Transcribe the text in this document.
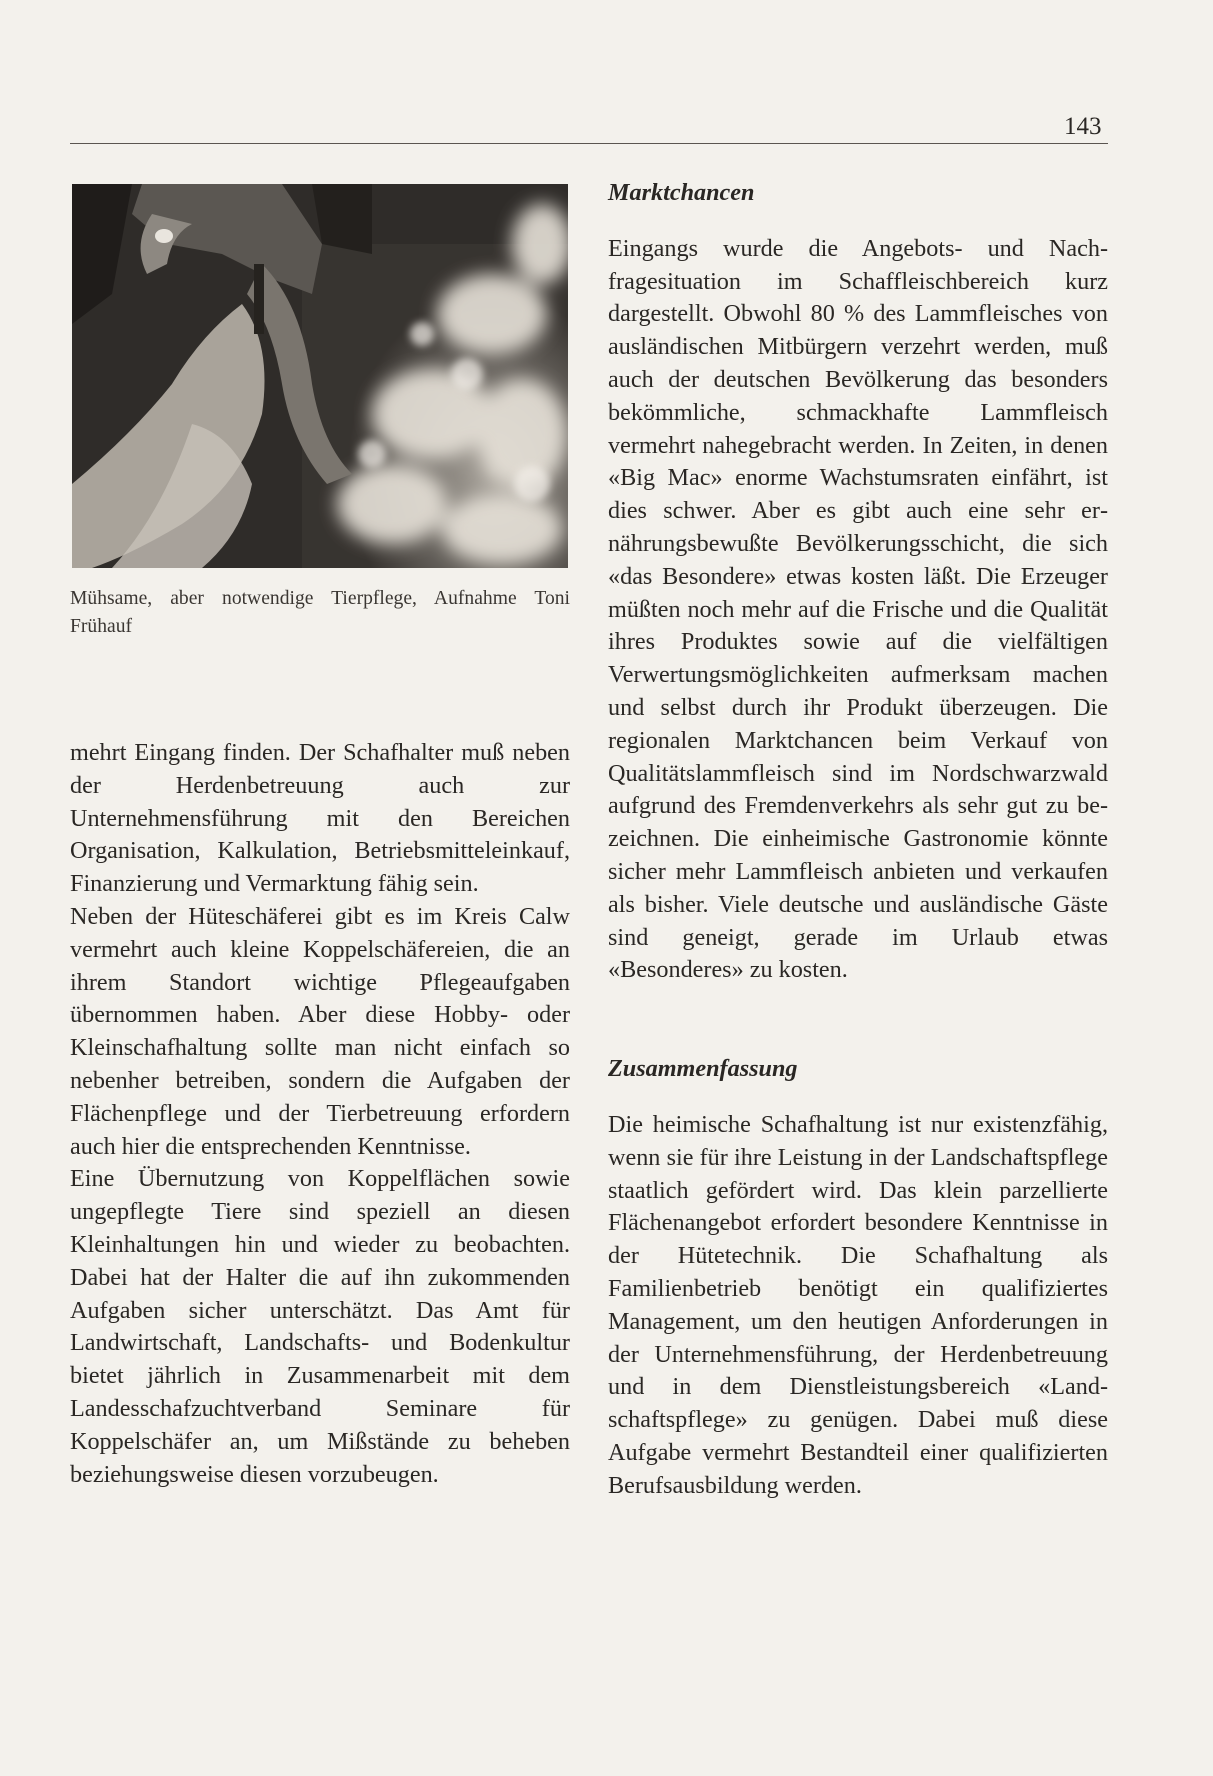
143

Mühsame, aber notwendige Tierpflege, Aufnahme Toni Frühauf

mehrt Eingang finden. Der Schafhalter muß neben der Herdenbetreuung auch zur Unternehmensführung mit den Bereichen Organisation, Kalkulation, Betriebsmitteleinkauf, Finanzierung und Vermarktung fähig sein.

Neben der Hüteschäferei gibt es im Kreis Calw vermehrt auch kleine Koppelschäfereien, die an ihrem Standort wichtige Pflegeaufgaben übernommen haben. Aber diese Hobby- oder Kleinschafhaltung sollte man nicht einfach so nebenher betreiben, sondern die Aufgaben der Flächenpflege und der Tierbetreuung erfordern auch hier die entsprechenden Kenntnisse.

Eine Übernutzung von Koppelflächen sowie ungepflegte Tiere sind speziell an diesen Kleinhaltungen hin und wieder zu beobachten. Dabei hat der Halter die auf ihn zukommenden Aufgaben sicher unterschätzt. Das Amt für Landwirtschaft, Landschafts- und Bodenkultur bietet jährlich in Zusammenarbeit mit dem Landesschafzuchtverband Seminare für Koppelschäfer an, um Mißstände zu beheben beziehungsweise diesen vorzubeugen.

Marktchancen

Eingangs wurde die Angebots- und Nachfragesituation im Schaffleischbereich kurz dargestellt. Obwohl 80 % des Lammfleisches von ausländischen Mitbürgern verzehrt werden, muß auch der deutschen Bevölkerung das besonders bekömmliche, schmackhafte Lammfleisch vermehrt nahegebracht werden. In Zeiten, in denen «Big Mac» enorme Wachstumsraten einfährt, ist dies schwer. Aber es gibt auch eine sehr ernährungsbewußte Bevölkerungsschicht, die sich «das Besondere» etwas kosten läßt. Die Erzeuger müßten noch mehr auf die Frische und die Qualität ihres Produktes sowie auf die vielfältigen Verwertungsmöglichkeiten aufmerksam machen und selbst durch ihr Produkt überzeugen. Die regionalen Marktchancen beim Verkauf von Qualitätslammfleisch sind im Nordschwarzwald aufgrund des Fremdenverkehrs als sehr gut zu bezeichnen. Die einheimische Gastronomie könnte sicher mehr Lammfleisch anbieten und verkaufen als bisher. Viele deutsche und ausländische Gäste sind geneigt, gerade im Urlaub etwas «Besonderes» zu kosten.

Zusammenfassung

Die heimische Schafhaltung ist nur existenzfähig, wenn sie für ihre Leistung in der Landschaftspflege staatlich gefördert wird. Das klein parzellierte Flächenangebot erfordert besondere Kenntnisse in der Hütetechnik. Die Schafhaltung als Familienbetrieb benötigt ein qualifiziertes Management, um den heutigen Anforderungen in der Unternehmensführung, der Herdenbetreuung und in dem Dienstleistungsbereich «Landschaftspflege» zu genügen. Dabei muß diese Aufgabe vermehrt Bestandteil einer qualifizierten Berufsausbildung werden.
